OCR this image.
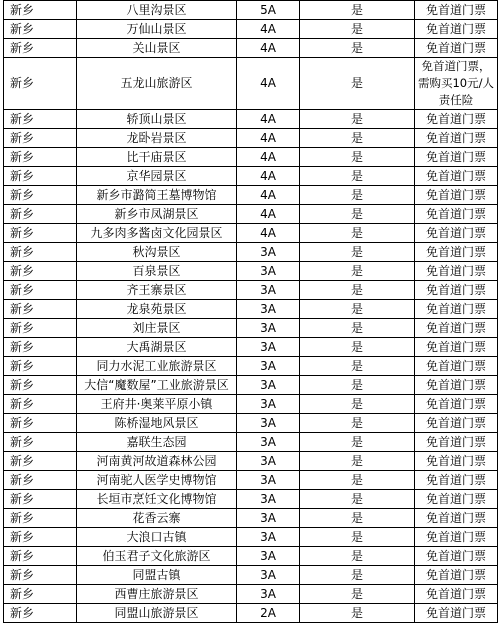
新乡	八里沟景区	5A	是	免首道门票
新乡	万仙山景区	4A	是	免首道门票
新乡	关山景区	4A	是	免首道门票
新乡	五龙山旅游区	4A	是	免首道门票，需购买10元/人责任险
新乡	轿顶山景区	4A	是	免首道门票
新乡	龙卧岩景区	4A	是	免首道门票
新乡	比干庙景区	4A	是	免首道门票
新乡	京华园景区	4A	是	免首道门票
新乡	新乡市潞简王墓博物馆	4A	是	免首道门票
新乡	新乡市凤湖景区	4A	是	免首道门票
新乡	九多肉多酱卤文化园景区	4A	是	免首道门票
新乡	秋沟景区	3A	是	免首道门票
新乡	百泉景区	3A	是	免首道门票
新乡	齐王寨景区	3A	是	免首道门票
新乡	龙泉苑景区	3A	是	免首道门票
新乡	刘庄景区	3A	是	免首道门票
新乡	大禹湖景区	3A	是	免首道门票
新乡	同力水泥工业旅游景区	3A	是	免首道门票
新乡	大信“魔数屋”工业旅游景区	3A	是	免首道门票
新乡	王府井·奥莱平原小镇	3A	是	免首道门票
新乡	陈桥湿地风景区	3A	是	免首道门票
新乡	嘉联生态园	3A	是	免首道门票
新乡	河南黄河故道森林公园	3A	是	免首道门票
新乡	河南驼人医学史博物馆	3A	是	免首道门票
新乡	长垣市烹饪文化博物馆	3A	是	免首道门票
新乡	花香云寨	3A	是	免首道门票
新乡	大浪口古镇	3A	是	免首道门票
新乡	伯玉君子文化旅游区	3A	是	免首道门票
新乡	同盟古镇	3A	是	免首道门票
新乡	西曹庄旅游景区	3A	是	免首道门票
新乡	同盟山旅游景区	2A	是	免首道门票
